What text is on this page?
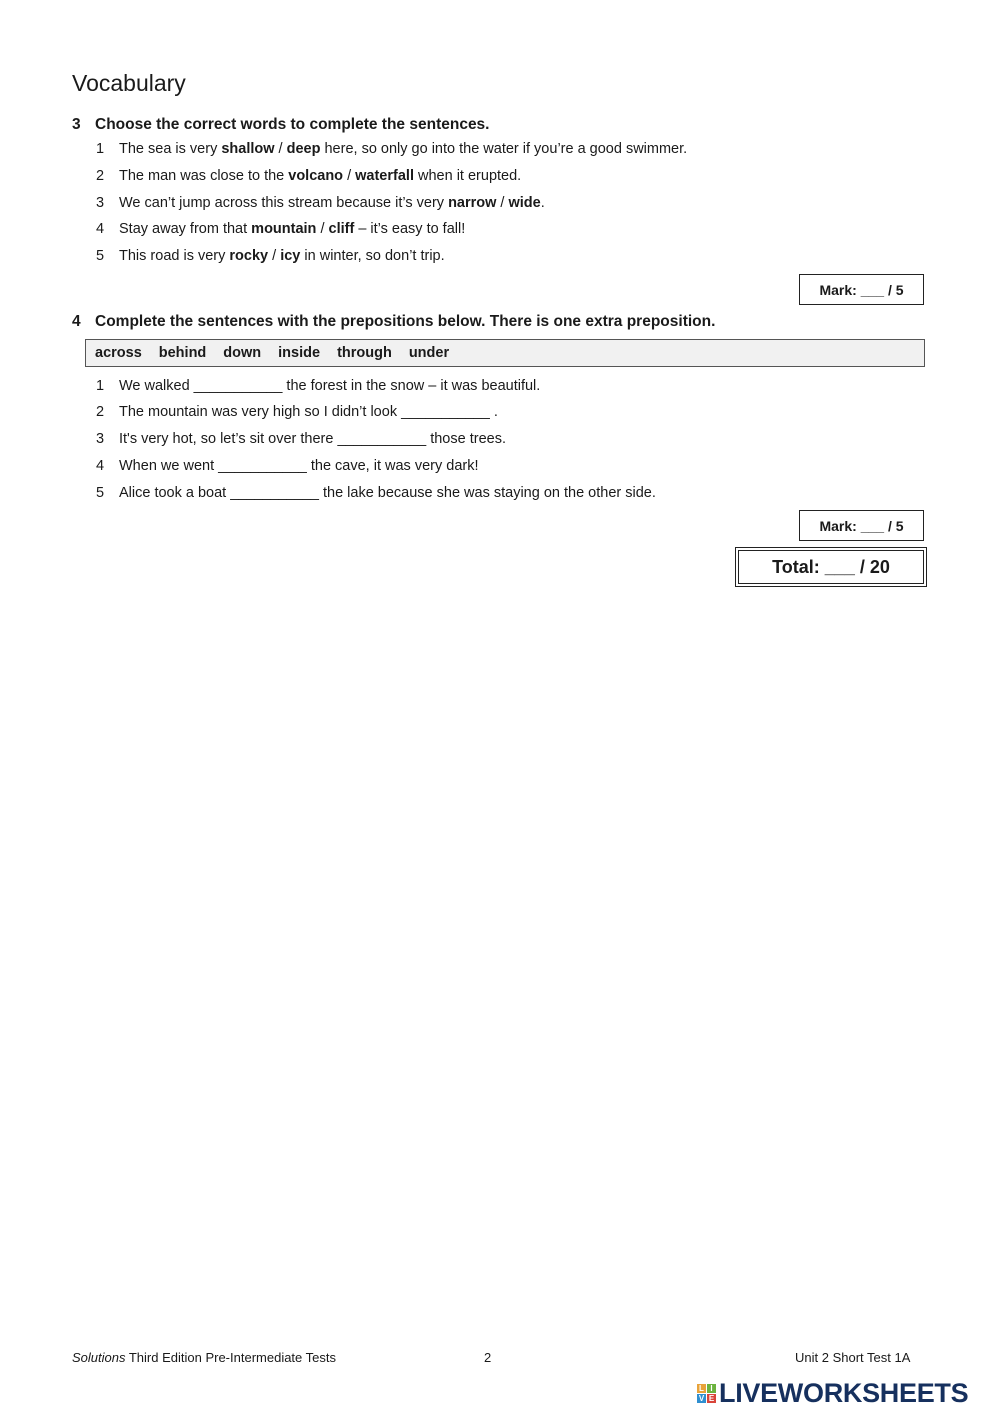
Vocabulary
3 Choose the correct words to complete the sentences.
1 The sea is very shallow / deep here, so only go into the water if you’re a good swimmer.
2 The man was close to the volcano / waterfall when it erupted.
3 We can’t jump across this stream because it’s very narrow / wide.
4 Stay away from that mountain / cliff – it’s easy to fall!
5 This road is very rocky / icy in winter, so don’t trip.
Mark: ___ / 5
4 Complete the sentences with the prepositions below. There is one extra preposition.
across behind down inside through under
1 We walked ___________ the forest in the snow – it was beautiful.
2 The mountain was very high so I didn’t look ___________ .
3 It's very hot, so let’s sit over there ___________ those trees.
4 When we went ___________ the cave, it was very dark!
5 Alice took a boat ___________ the lake because she was staying on the other side.
Mark: ___ / 5
Total: ___ / 20
Solutions Third Edition Pre-Intermediate Tests	2	Unit 2 Short Test 1A
L I
V E LIVEWORKSHEETS
